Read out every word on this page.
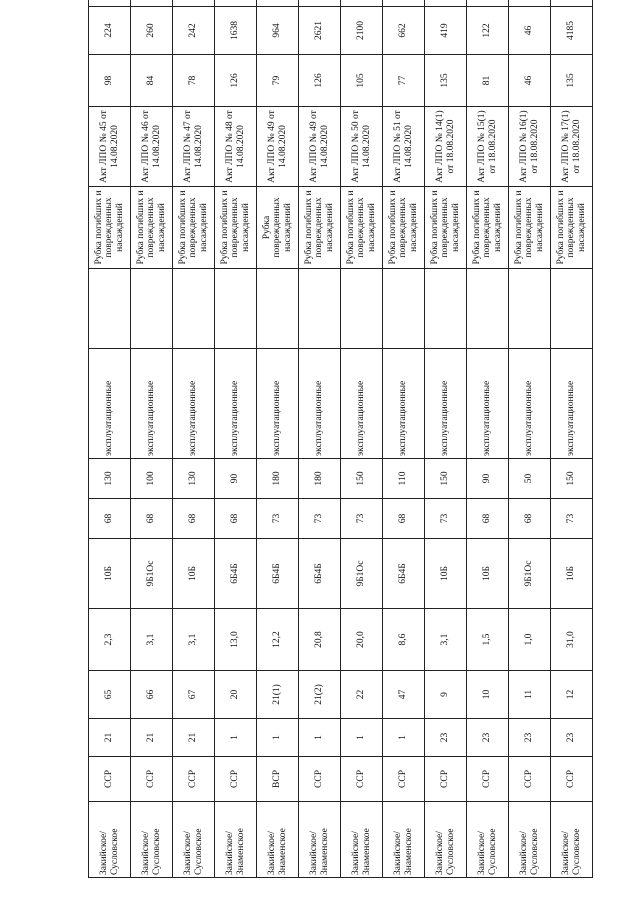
Закийское/ Сусловское	ССР	21	65	2,3	10Б	68	130	эксплуатационные		Рубка погибших и поврежденных насаждений	Акт ЛПО № 45 от 14.08.2020	98	224	
Закийское/ Сусловское	ССР	21	66	3,1	9Б1Ос	68	100	эксплуатационные		Рубка погибших и поврежденных насаждений	Акт ЛПО № 46 от 14.08.2020	84	260	
Закийское/ Сусловское	ССР	21	67	3,1	10Б	68	130	эксплуатационные		Рубка погибших и поврежденных насаждений	Акт ЛПО № 47 от 14.08.2020	78	242	
Закийское/ Знаменское	ССР	1	20	13,0	6Б4Б	68	90	эксплуатационные		Рубка погибших и поврежденных насаждений	Акт ЛПО № 48 от 14.08.2020	126	1638	
Закийское/ Знаменское	ВСР	1	21(1)	12,2	6Б4Б	73	180	эксплуатационные		Рубка поврежденных насаждений	Акт ЛПО № 49 от 14.08.2020	79	964	
Закийское/ Знаменское	ССР	1	21(2)	20,8	6Б4Б	73	180	эксплуатационные		Рубка погибших и поврежденных насаждений	Акт ЛПО № 49 от 14.08.2020	126	2621	
Закийское/ Знаменское	ССР	1	22	20,0	9Б1Ос	73	150	эксплуатационные		Рубка погибших и поврежденных насаждений	Акт ЛПО № 50 от 14.08.2020	105	2100	
Закийское/ Знаменское	ССР	1	47	8,6	6Б4Б	68	110	эксплуатационные		Рубка погибших и поврежденных насаждений	Акт ЛПО № 51 от 14.08.2020	77	662	
Закийское/ Сусловское	ССР	23	9	3,1	10Б	73	150	эксплуатационные		Рубка погибших и поврежденных насаждений	Акт ЛПО № 14(1) от 18.08.2020	135	419	
Закийское/ Сусловское	ССР	23	10	1,5	10Б	68	90	эксплуатационные		Рубка погибших и поврежденных насаждений	Акт ЛПО № 15(1) от 18.08.2020	81	122	
Закийское/ Сусловское	ССР	23	11	1,0	9Б1Ос	68	50	эксплуатационные		Рубка погибших и поврежденных насаждений	Акт ЛПО № 16(1) от 18.08.2020	46	46	
Закийское/ Сусловское	ССР	23	12	31,0	10Б	73	150	эксплуатационные		Рубка погибших и поврежденных насаждений	Акт ЛПО № 17(1) от 18.08.2020	135	4185	
